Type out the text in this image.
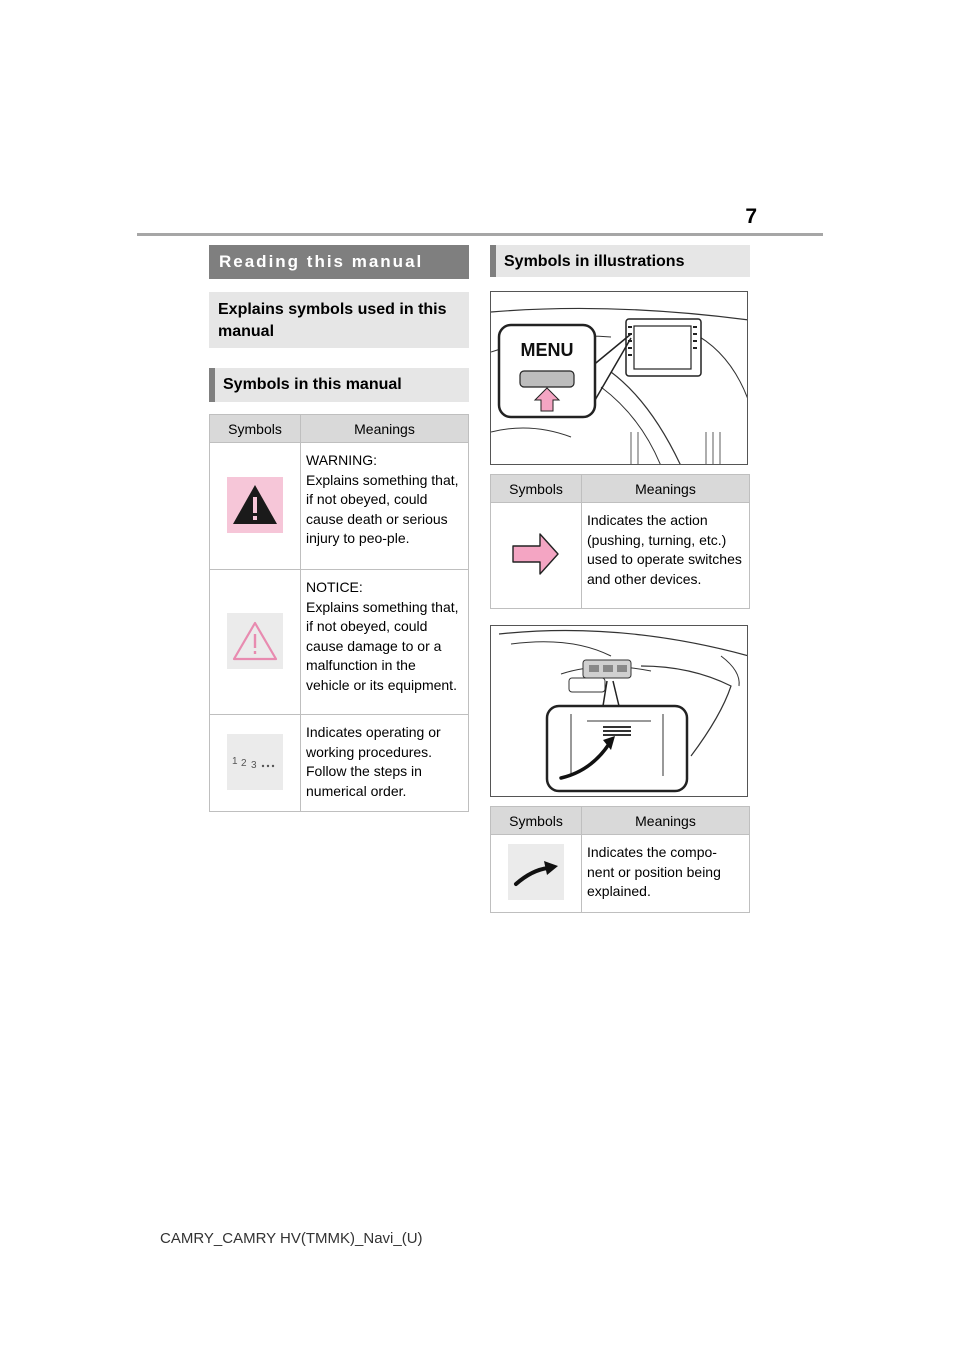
7
Reading this manual
Explains symbols used in this manual
Symbols in this manual
Symbols	Meanings
	WARNING:
Explains something that, if not obeyed, could cause death or serious injury to peo-ple.
	NOTICE:
Explains something that, if not obeyed, could cause damage to or a malfunction in the vehicle or its equipment.

1 2 3	Indicates operating or working procedures. Follow the steps in numerical order.
Symbols in illustrations
MENU
Symbols	Meanings
	Indicates the action (pushing, turning, etc.) used to operate switches and other devices.
Symbols	Meanings
	Indicates the compo-nent or position being explained.
CAMRY_CAMRY HV(TMMK)_Navi_(U)
